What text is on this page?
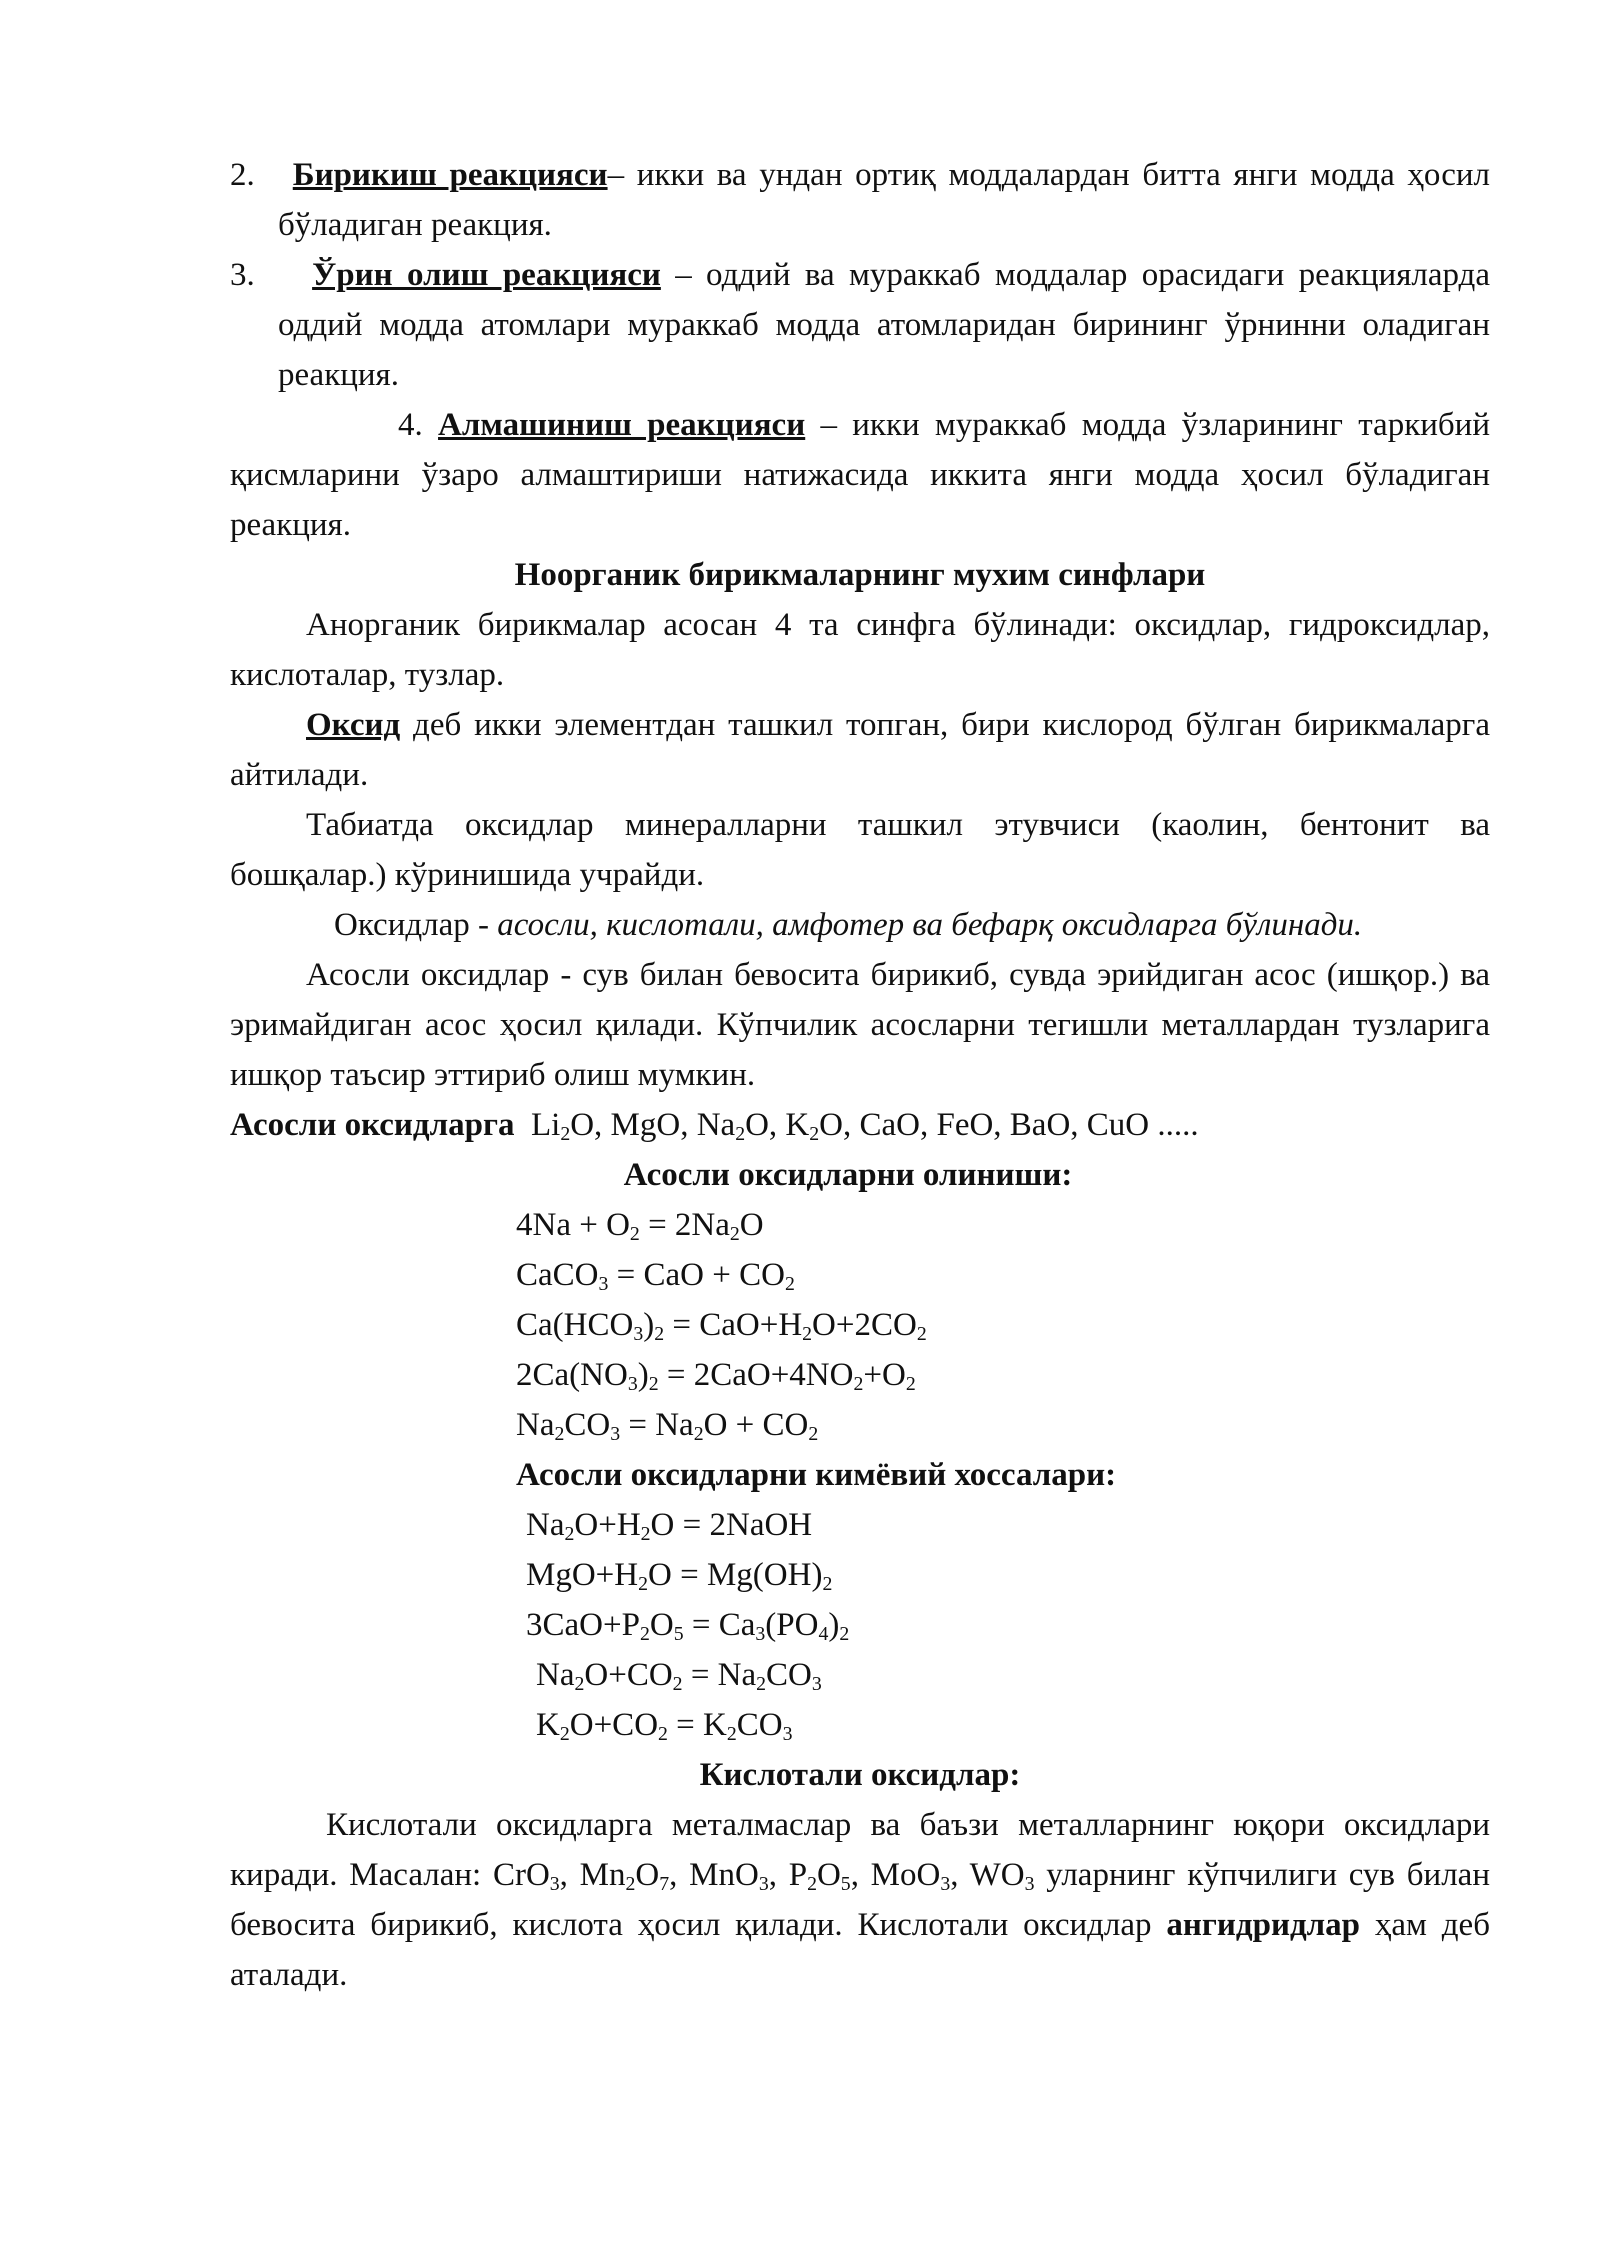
2. Бирикиш реакцияси– икки ва ундан ортиқ моддалардан битта янги модда ҳосил бўладиган реакция.

3. Ўрин олиш реакцияси – оддий ва мураккаб моддалар орасидаги реакцияларда оддий модда атомлари мураккаб модда атомларидан бирининг ўрнинни оладиган реакция.

4. Алмашиниш реакцияси – икки мураккаб модда ўзларининг таркибий қисмларини ўзаро алмаштириши натижасида иккита янги модда ҳосил бўладиган реакция.

Ноорганик бирикмаларнинг мухим синфлари

Анорганик бирикмалар асосан 4 та синфга бўлинади: оксидлар, гидроксидлар, кислоталар, тузлар.

Оксид деб икки элементдан ташкил топган, бири кислород бўлган бирикмаларга айтилади.

Табиатда оксидлар минералларни ташкил этувчиси (каолин, бентонит ва бошқалар.) кўринишида учрайди.

Оксидлар - асосли, кислотали, амфотер ва бефарқ оксидларга бўлинади.

Асосли оксидлар - сув билан бевосита бирикиб, сувда эрийдиган асос (ишқор.) ва эримайдиган асос ҳосил қилади. Кўпчилик асосларни тегишли металлардан тузларига ишқор таъсир эттириб олиш мумкин.

Асосли оксидларга $Li_2O$, MgO, $Na_2O$, $K_2O$, CaO, FeO, BaO, CuO .....

Асосли оксидларни олиниши:

$4Na + O_2 = 2Na_2O$

CaCO$_3$ = CaO + $CO_2$

$Ca(HCO_3)_2 = CaO+H_2O+2CO_2$

$2Ca(NO_3)_2 = 2CaO+4NO_2+O_2$

$Na_2CO_3 = Na_2O + CO_2$

Асосли оксидларни кимёвий хоссалари:

$Na_2O+H_2O$ = 2NaOH

$MgO+H_2O = Mg(OH)_2$

$3CaO+P_2O_5 = Ca_3(PO_4)_2$

$Na_2O+CO_2 = Na_2CO_3$

$K_2O+CO_2 = K_2CO_3$

Кислотали оксидлар:

Кислотали оксидларга металмаслар ва баъзи металларнинг юқори оксидлари киради. Масалан: CrO$_3$, $Mn_2O_7$, MnO$_3$, $P_2O_5$, MoO$_3$, $WO_3$ уларнинг кўпчилиги сув билан бевосита бирикиб, кислота ҳосил қилади. Кислотали оксидлар ангидридлар ҳам деб аталади.
